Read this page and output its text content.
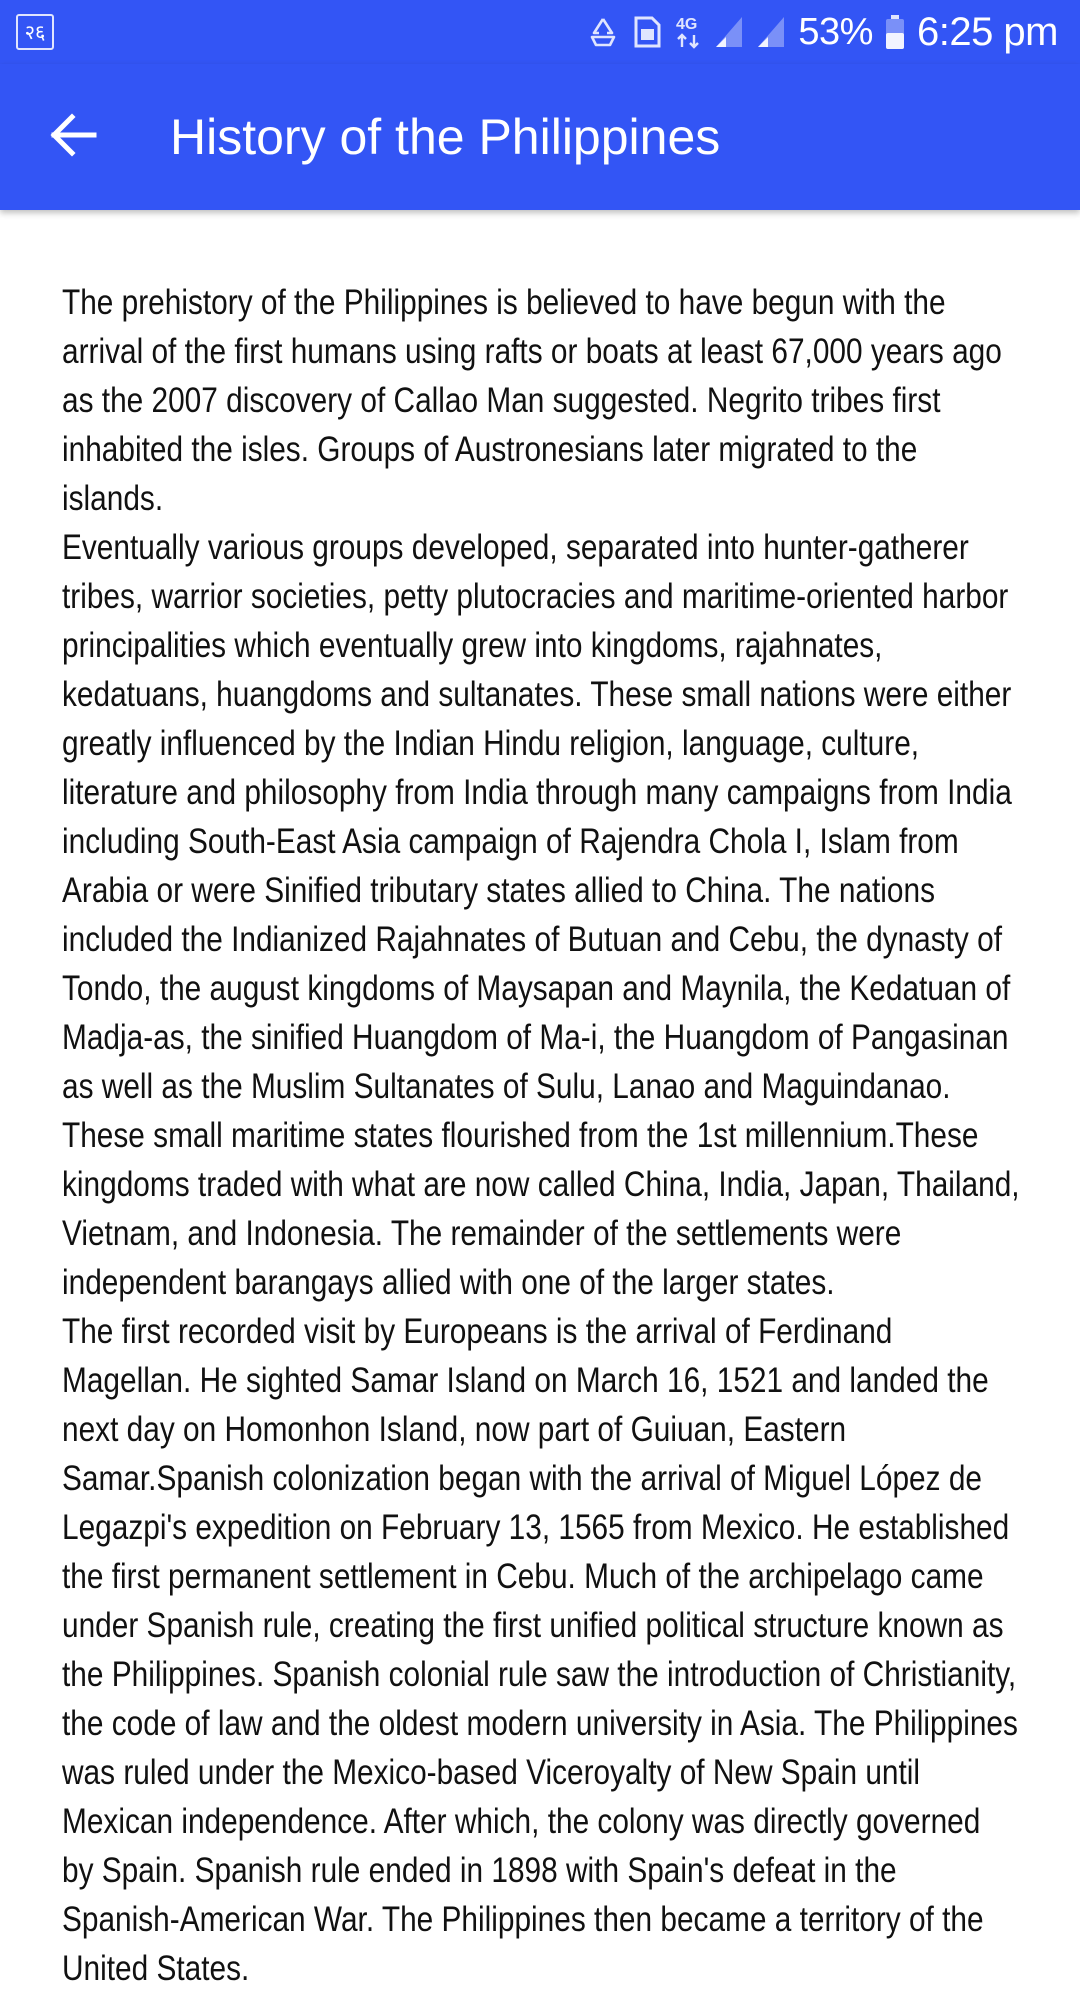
२६	4G	53% 6:25 pm
History of the Philippines

The prehistory of the Philippines is believed to have begun with the arrival of the first humans using rafts or boats at least 67,000 years ago as the 2007 discovery of Callao Man suggested. Negrito tribes first inhabited the isles. Groups of Austronesians later migrated to the islands.

Eventually various groups developed, separated into hunter-gatherer tribes, warrior societies, petty plutocracies and maritime-oriented harbor principalities which eventually grew into kingdoms, rajahnates, kedatuans, huangdoms and sultanates. These small nations were either greatly influenced by the Indian Hindu religion, language, culture, literature and philosophy from India through many campaigns from India including South-East Asia campaign of Rajendra Chola I, Islam from Arabia or were Sinified tributary states allied to China. The nations included the Indianized Rajahnates of Butuan and Cebu, the dynasty of Tondo, the august kingdoms of Maysapan and Maynila, the Kedatuan of Madja-as, the sinified Huangdom of Ma-i, the Huangdom of Pangasinan as well as the Muslim Sultanates of Sulu, Lanao and Maguindanao. These small maritime states flourished from the 1st millennium.These kingdoms traded with what are now called China, India, Japan, Thailand, Vietnam, and Indonesia. The remainder of the settlements were independent barangays allied with one of the larger states.

The first recorded visit by Europeans is the arrival of Ferdinand Magellan. He sighted Samar Island on March 16, 1521 and landed the next day on Homonhon Island, now part of Guiuan, Eastern Samar.Spanish colonization began with the arrival of Miguel López de Legazpi's expedition on February 13, 1565 from Mexico. He established the first permanent settlement in Cebu. Much of the archipelago came under Spanish rule, creating the first unified political structure known as the Philippines. Spanish colonial rule saw the introduction of Christianity, the code of law and the oldest modern university in Asia. The Philippines was ruled under the Mexico-based Viceroyalty of New Spain until Mexican independence. After which, the colony was directly governed by Spain. Spanish rule ended in 1898 with Spain's defeat in the Spanish-American War. The Philippines then became a territory of the United States.
